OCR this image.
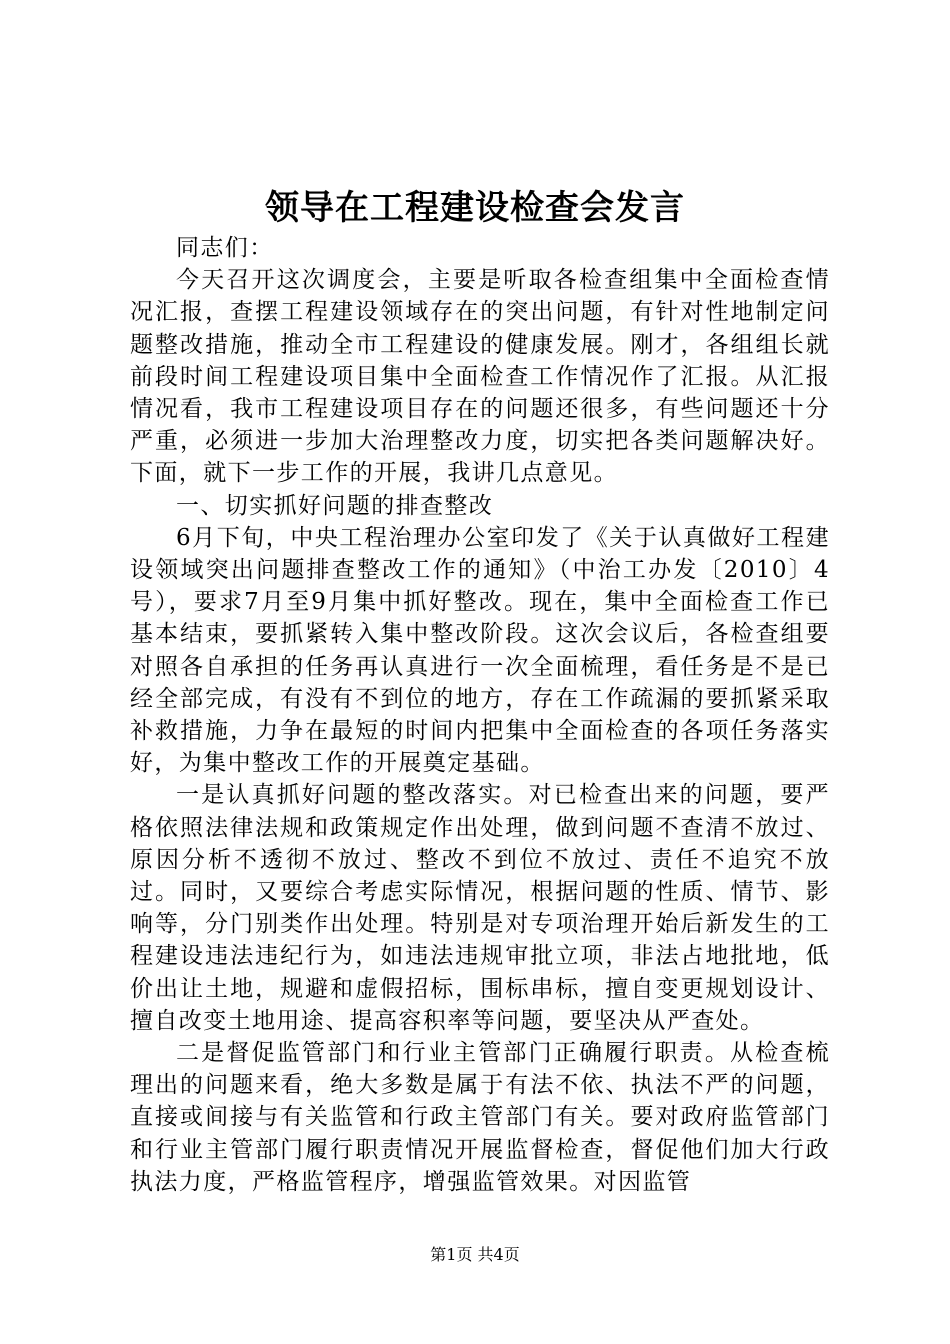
领导在工程建设检查会发言

同志们：

今天召开这次调度会，主要是听取各检查组集中全面检查情况汇报，查摆工程建设领域存在的突出问题，有针对性地制定问题整改措施，推动全市工程建设的健康发展。刚才，各组组长就前段时间工程建设项目集中全面检查工作情况作了汇报。从汇报情况看，我市工程建设项目存在的问题还很多，有些问题还十分严重，必须进一步加大治理整改力度，切实把各类问题解决好。下面，就下一步工作的开展，我讲几点意见。

一、切实抓好问题的排查整改

6月下旬，中央工程治理办公室印发了《关于认真做好工程建设领域突出问题排查整改工作的通知》（中治工办发〔2010〕4号），要求7月至9月集中抓好整改。现在，集中全面检查工作已基本结束，要抓紧转入集中整改阶段。这次会议后，各检查组要对照各自承担的任务再认真进行一次全面梳理，看任务是不是已经全部完成，有没有不到位的地方，存在工作疏漏的要抓紧采取补救措施，力争在最短的时间内把集中全面检查的各项任务落实好，为集中整改工作的开展奠定基础。

一是认真抓好问题的整改落实。对已检查出来的问题，要严格依照法律法规和政策规定作出处理，做到问题不查清不放过、原因分析不透彻不放过、整改不到位不放过、责任不追究不放过。同时，又要综合考虑实际情况，根据问题的性质、情节、影响等，分门别类作出处理。特别是对专项治理开始后新发生的工程建设违法违纪行为，如违法违规审批立项，非法占地批地，低价出让土地，规避和虚假招标，围标串标，擅自变更规划设计、擅自改变土地用途、提高容积率等问题，要坚决从严查处。

二是督促监管部门和行业主管部门正确履行职责。从检查梳理出的问题来看，绝大多数是属于有法不依、执法不严的问题，直接或间接与有关监管和行政主管部门有关。要对政府监管部门和行业主管部门履行职责情况开展监督检查，督促他们加大行政执法力度，严格监管程序，增强监管效果。对因监管

第1页 共4页
